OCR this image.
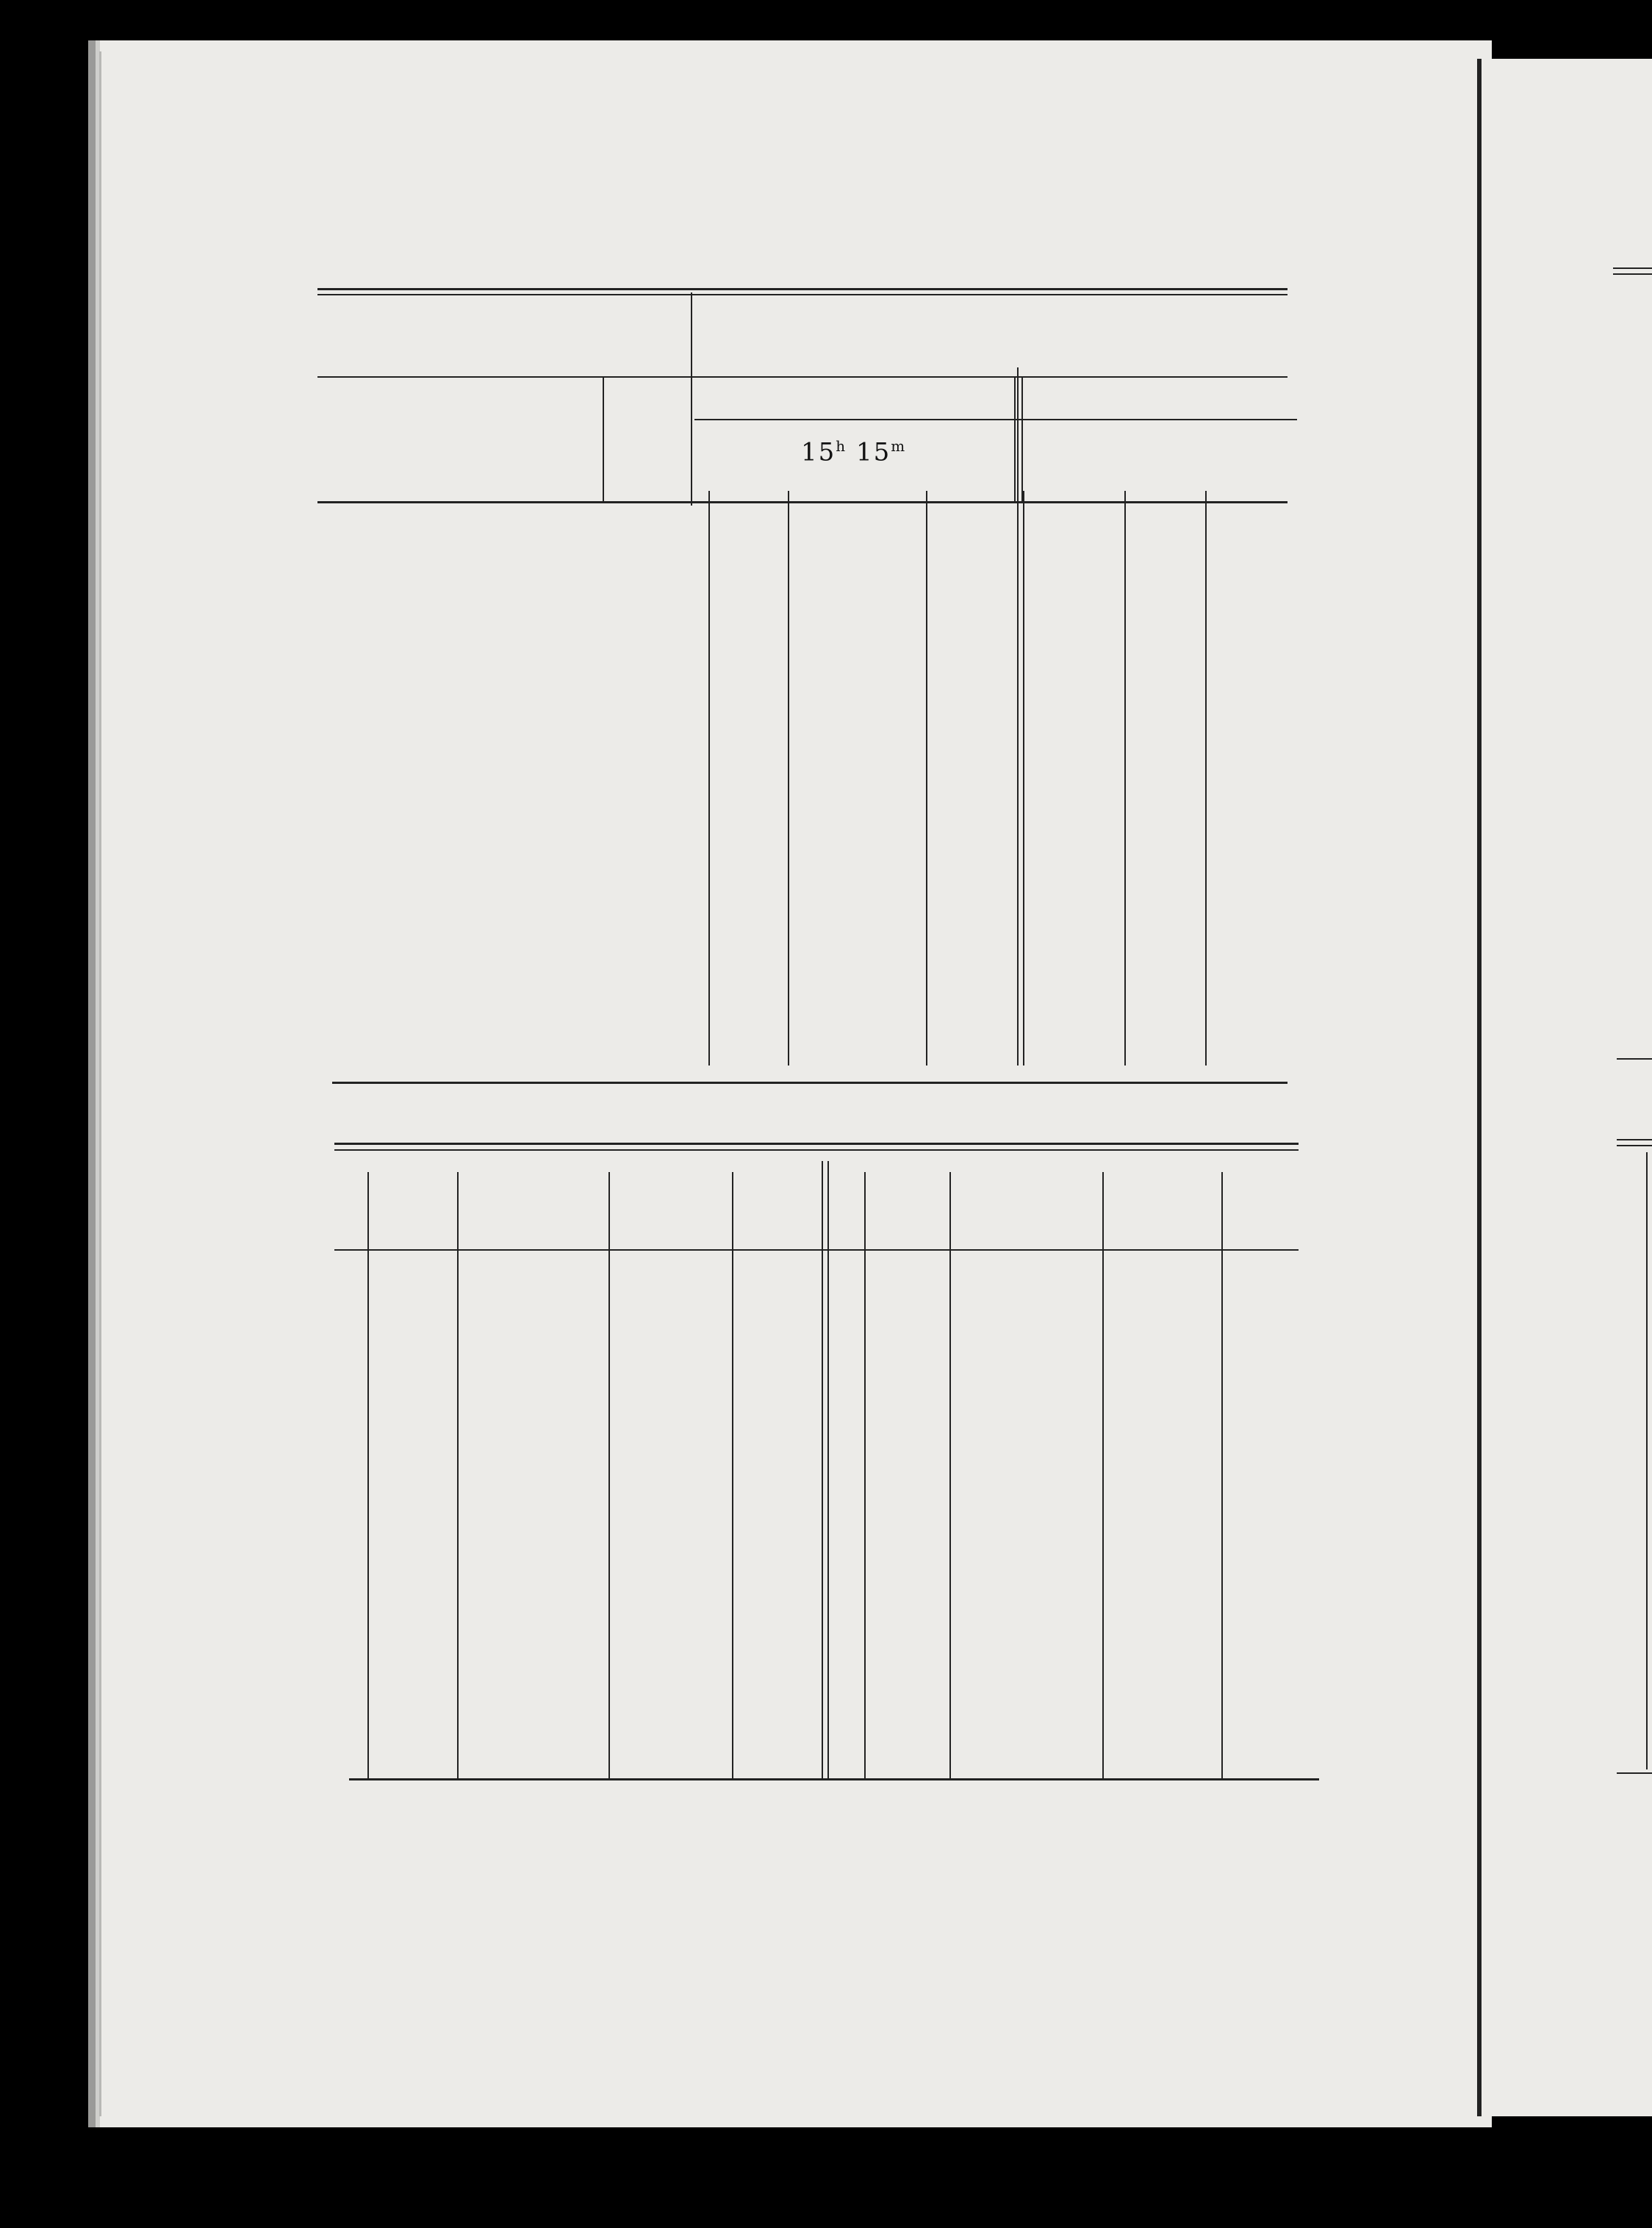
15$^h$ 15$^m$
